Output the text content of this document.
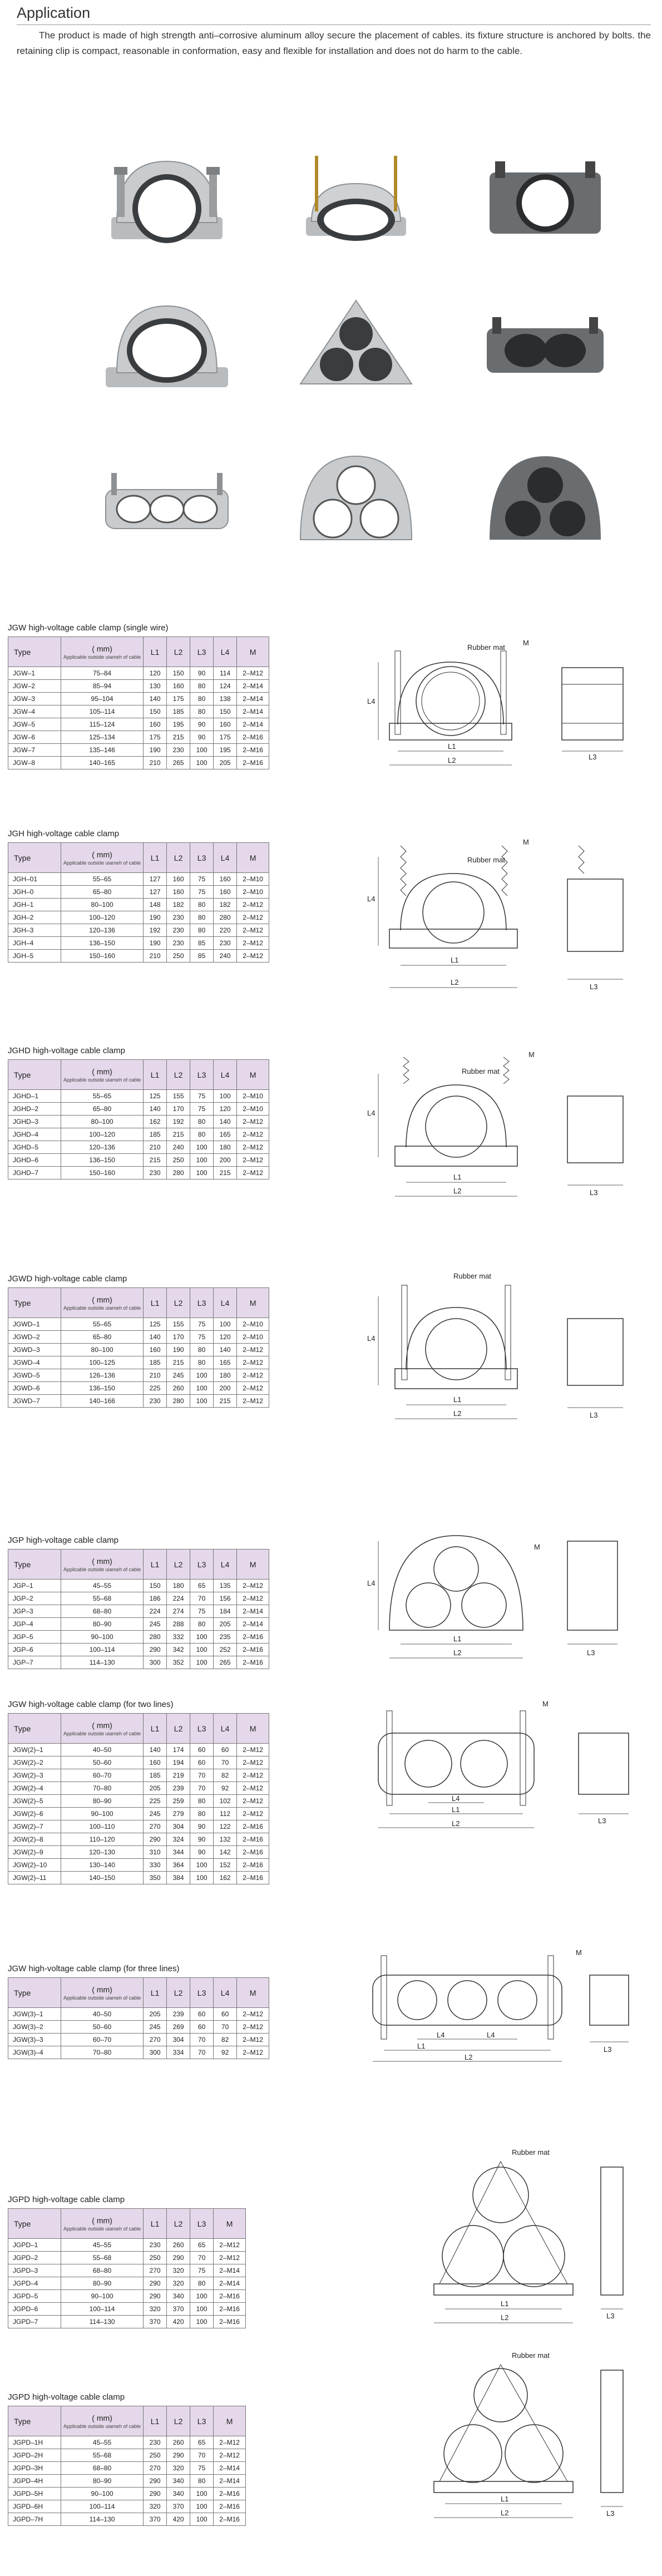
Application
The product is made of high strength anti–corrosive aluminum alloy secure the placement of cables. its fixture structure is anchored by bolts. the retaining clip is compact, reasonable in conformation, easy and flexible for installation and does not do harm to the cable.
JGW high-voltage cable clamp (single wire)
Type	( mm)
Applicable outside uiameh of cable	L1	L2	L3	L4	M
JGW–1	75–84	120	150	90	114	2–M12
JGW–2	85–94	130	160	80	124	2–M14
JGW–3	95–104	140	175	80	138	2–M14
JGW–4	105–114	150	185	80	150	2–M14
JGW–5	115–124	160	195	90	160	2–M14
JGW–6	125–134	175	215	90	175	2–M16
JGW–7	135–146	190	230	100	195	2–M16
JGW–8	140–165	210	265	100	205	2–M16
L4
Rubber mat
M
L1
L2	L3
JGH high-voltage cable clamp
Type	( mm)
Applicable outside uiameh of cable	L1	L2	L3	L4	M
JGH–01	55–65	127	160	75	160	2–M10
JGH–0	65–80	127	160	75	160	2–M10
JGH–1	80–100	148	182	80	182	2–M12
JGH–2	100–120	190	230	80	280	2–M12
JGH–3	120–136	192	230	80	220	2–M12
JGH–4	136–150	190	230	85	230	2–M12
JGH–5	150–160	210	250	85	240	2–M12
L4
Rubber mat
M
L1
L2
L3
JGHD high-voltage cable clamp
Type	( mm)
Applicable outside uiameh of cable	L1	L2	L3	L4	M
JGHD–1	55–65	125	155	75	100	2–M10
JGHD–2	65–80	140	170	75	120	2–M10
JGHD–3	80–100	162	192	80	140	2–M12
JGHD–4	100–120	185	215	80	165	2–M12
JGHD–5	120–136	210	240	100	180	2–M12
JGHD–6	136–150	215	250	100	200	2–M12
JGHD–7	150–160	230	280	100	215	2–M12
L4
Rubber mat
M
L1
L2	L3
JGWD high-voltage cable clamp
Type	( mm)
Applicable outside uiameh of cable	L1	L2	L3	L4	M
JGWD–1	55–65	125	155	75	100	2–M10
JGWD–2	65–80	140	170	75	120	2–M10
JGWD–3	80–100	160	190	80	140	2–M12
JGWD–4	100–125	185	215	80	165	2–M12
JGWD–5	126–136	210	245	100	180	2–M12
JGWD–6	136–150	225	260	100	200	2–M12
JGWD–7	140–166	230	280	100	215	2–M12
L4
Rubber mat
L1
L2	L3
JGP high-voltage cable clamp
Type	( mm)
Applicable outside uiameh of cable	L1	L2	L3	L4	M
JGP–1	45–55	150	180	65	135	2–M12
JGP–2	55–68	186	224	70	156	2–M12
JGP–3	68–80	224	274	75	184	2–M14
JGP–4	80–90	245	288	80	205	2–M14
JGP–5	90–100	280	332	100	235	2–M16
JGP–6	100–114	290	342	100	252	2–M16
JGP–7	114–130	300	352	100	265	2–M16
L4
M
L1
L2	L3
JGW high-voltage cable clamp (for two lines)
Type	( mm)
Applicable outside uiameh of cable	L1	L2	L3	L4	M
JGW(2)–1	40–50	140	174	60	60	2–M12
JGW(2)–2	50–60	160	194	60	70	2–M12
JGW(2)–3	60–70	185	219	70	82	2–M12
JGW(2)–4	70–80	205	239	70	92	2–M12
JGW(2)–5	80–90	225	259	80	102	2–M12
JGW(2)–6	90–100	245	279	80	112	2–M12
JGW(2)–7	100–110	270	304	90	122	2–M16
JGW(2)–8	110–120	290	324	90	132	2–M16
JGW(2)–9	120–130	310	344	90	142	2–M16
JGW(2)–10	130–140	330	364	100	152	2–M16
JGW(2)–11	140–150	350	384	100	162	2–M16
M
L4
L1
L2	L3
JGW high-voltage cable clamp (for three lines)
Type	( mm)
Applicable outside uiameh of cable	L1	L2	L3	L4	M
JGW(3)–1	40–50	205	239	60	60	2–M12
JGW(3)–2	50–60	245	269	60	70	2–M12
JGW(3)–3	60–70	270	304	70	82	2–M12
JGW(3)–4	70–80	300	334	70	92	2–M12
M
L4	L4
L1
L2
L3
JGPD high-voltage cable clamp
Type	( mm)
Applicable outside uiameh of cable	L1	L2	L3	M
JGPD–1	45–55	230	260	65	2–M12
JGPD–2	55–68	250	290	70	2–M12
JGPD–3	68–80	270	320	75	2–M14
JGPD–4	80–90	290	320	80	2–M14
JGPD–5	90–100	290	340	100	2–M16
JGPD–6	100–114	320	370	100	2–M16
JGPD–7	114–130	370	420	100	2–M16
Rubber mat
L1
L2	L3
JGPD high-voltage cable clamp
Type	( mm)
Applicable outside uiameh of cable	L1	L2	L3	M
JGPD–1H	45–55	230	260	65	2–M12
JGPD–2H	55–68	250	290	70	2–M12
JGPD–3H	68–80	270	320	75	2–M14
JGPD–4H	80–90	290	340	80	2–M14
JGPD–5H	90–100	290	340	100	2–M16
JGPD–6H	100–114	320	370	100	2–M16
JGPD–7H	114–130	370	420	100	2–M16
Rubber mat
L1
L2	L3
